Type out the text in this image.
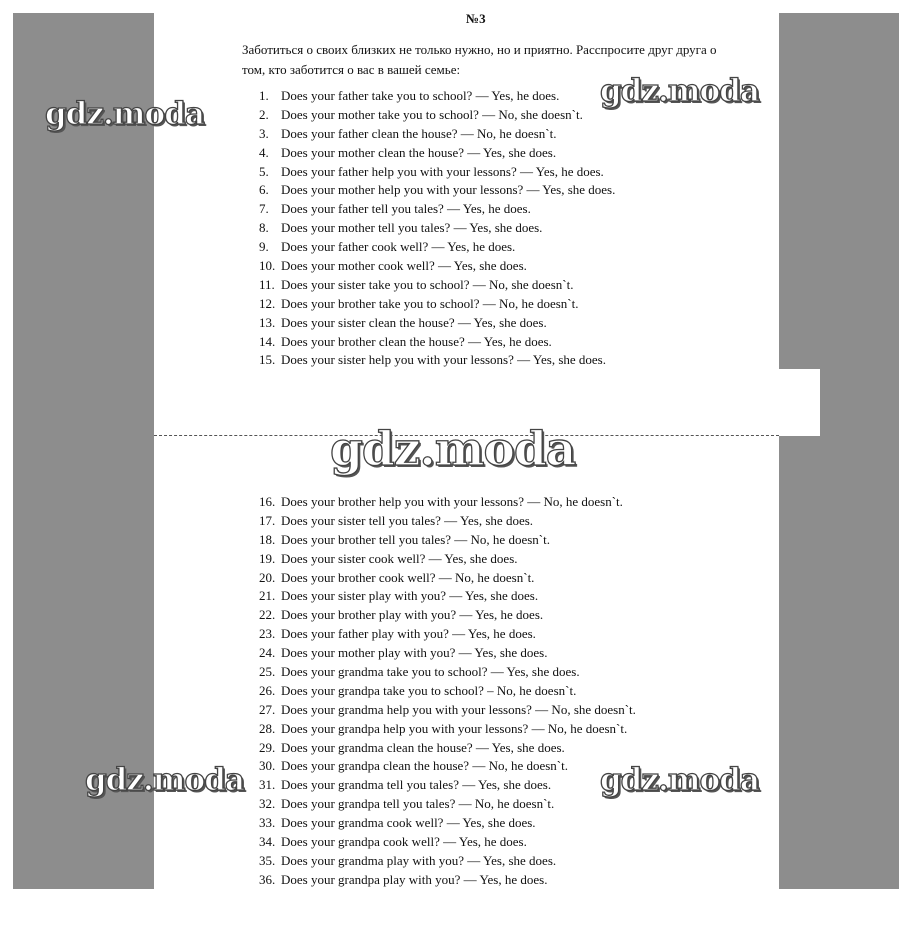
№3
Заботиться о своих близких не только нужно, но и приятно. Расспросите друг друга о том, кто заботится о вас в вашей семье:
1. Does your father take you to school? — Yes, he does.
2. Does your mother take you to school? — No, she doesn`t.
3. Does your father clean the house? — No, he doesn`t.
4. Does your mother clean the house? — Yes, she does.
5. Does your father help you with your lessons? — Yes, he does.
6. Does your mother help you with your lessons? — Yes, she does.
7. Does your father tell you tales? — Yes, he does.
8. Does your mother tell you tales? — Yes, she does.
9. Does your father cook well? — Yes, he does.
10. Does your mother cook well? — Yes, she does.
11. Does your sister take you to school? — No, she doesn`t.
12. Does your brother take you to school? — No, he doesn`t.
13. Does your sister clean the house? — Yes, she does.
14. Does your brother clean the house? — Yes, he does.
15. Does your sister help you with your lessons? — Yes, she does.
16. Does your brother help you with your lessons? — No, he doesn`t.
17. Does your sister tell you tales? — Yes, she does.
18. Does your brother tell you tales? — No, he doesn`t.
19. Does your sister cook well? — Yes, she does.
20. Does your brother cook well? — No, he doesn`t.
21. Does your sister play with you? — Yes, she does.
22. Does your brother play with you? — Yes, he does.
23. Does your father play with you? — Yes, he does.
24. Does your mother play with you? — Yes, she does.
25. Does your grandma take you to school? — Yes, she does.
26. Does your grandpa take you to school? – No, he doesn`t.
27. Does your grandma help you with your lessons? — No, she doesn`t.
28. Does your grandpa help you with your lessons? — No, he doesn`t.
29. Does your grandma clean the house? — Yes, she does.
30. Does your grandpa clean the house? — No, he doesn`t.
31. Does your grandma tell you tales? — Yes, she does.
32. Does your grandpa tell you tales? — No, he doesn`t.
33. Does your grandma cook well? — Yes, she does.
34. Does your grandpa cook well? — Yes, he does.
35. Does your grandma play with you? — Yes, she does.
36. Does your grandpa play with you? — Yes, he does.
gdz.moda
gdz.moda
gdz.moda
gdz.moda	gdz.moda
